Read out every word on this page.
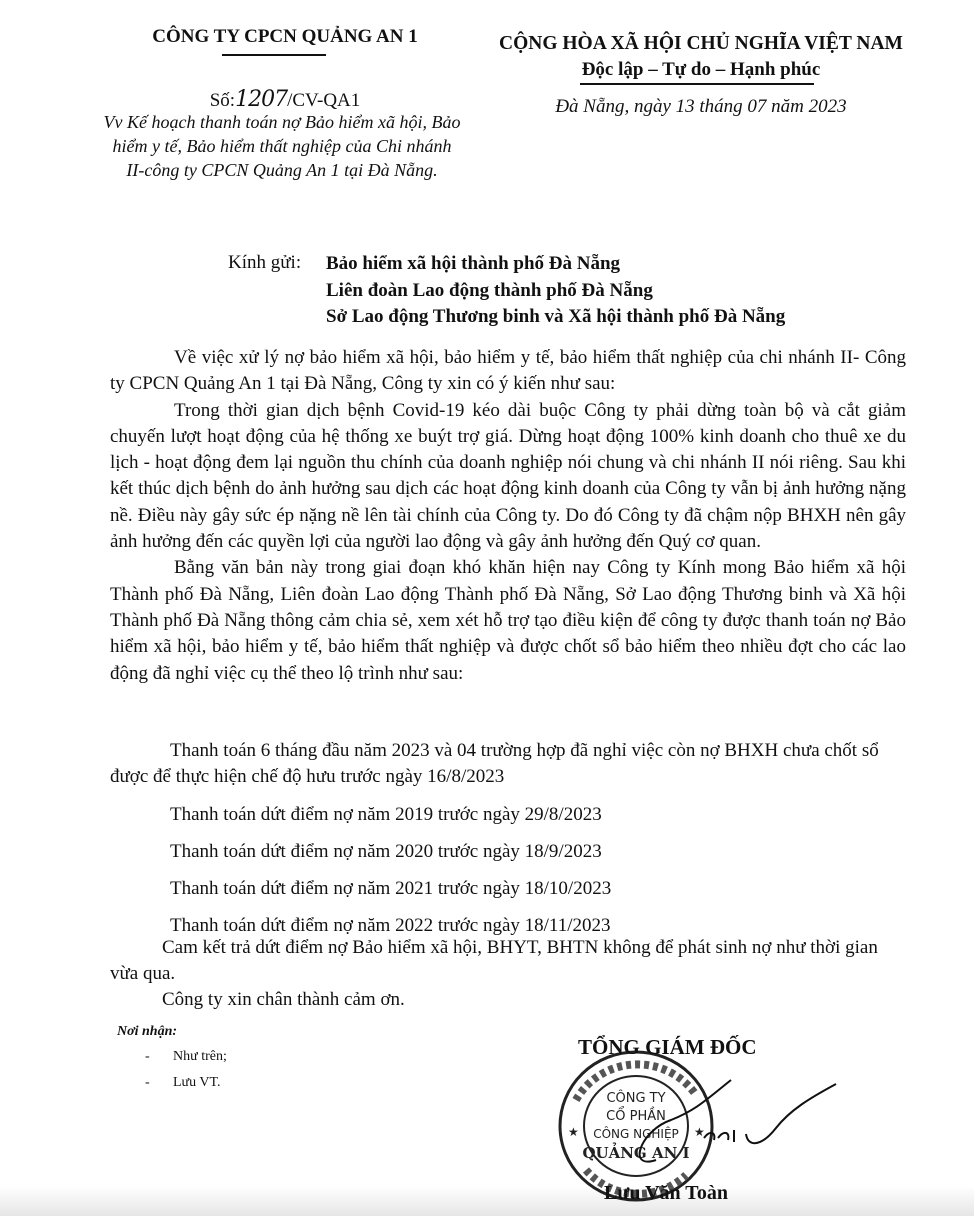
CÔNG TY CPCN QUẢNG AN 1
Số:1207/CV-QA1
Vv Kế hoạch thanh toán nợ Bảo hiểm xã hội, Bảo hiểm y tế, Bảo hiểm thất nghiệp của Chi nhánh II-công ty CPCN Quảng An 1 tại Đà Nẵng.
CỘNG HÒA XÃ HỘI CHỦ NGHĨA VIỆT NAM
Độc lập – Tự do – Hạnh phúc
Đà Nẵng, ngày 13 tháng 07 năm 2023
Kính gửi: Bảo hiểm xã hội thành phố Đà Nẵng
Liên đoàn Lao động thành phố Đà Nẵng
Sở Lao động Thương binh và Xã hội thành phố Đà Nẵng

Về việc xử lý nợ bảo hiểm xã hội, bảo hiểm y tế, bảo hiểm thất nghiệp của chi nhánh II- Công ty CPCN Quảng An 1 tại Đà Nẵng, Công ty xin có ý kiến như sau:

Trong thời gian dịch bệnh Covid-19 kéo dài buộc Công ty phải dừng toàn bộ và cắt giảm chuyến lượt hoạt động của hệ thống xe buýt trợ giá. Dừng hoạt động 100% kinh doanh cho thuê xe du lịch - hoạt động đem lại nguồn thu chính của doanh nghiệp nói chung và chi nhánh II nói riêng. Sau khi kết thúc dịch bệnh do ảnh hưởng sau dịch các hoạt động kinh doanh của Công ty vẫn bị ảnh hưởng nặng nề. Điều này gây sức ép nặng nề lên tài chính của Công ty. Do đó Công ty đã chậm nộp BHXH nên gây ảnh hưởng đến các quyền lợi của người lao động và gây ảnh hưởng đến Quý cơ quan.

Bằng văn bản này trong giai đoạn khó khăn hiện nay Công ty Kính mong Bảo hiểm xã hội Thành phố Đà Nẵng, Liên đoàn Lao động Thành phố Đà Nẵng, Sở Lao động Thương binh và Xã hội Thành phố Đà Nẵng thông cảm chia sẻ, xem xét hỗ trợ tạo điều kiện để công ty được thanh toán nợ Bảo hiểm xã hội, bảo hiểm y tế, bảo hiểm thất nghiệp và được chốt sổ bảo hiểm theo nhiều đợt cho các lao động đã nghỉ việc cụ thể theo lộ trình như sau:

Thanh toán 6 tháng đầu năm 2023 và 04 trường hợp đã nghỉ việc còn nợ BHXH chưa chốt sổ được để thực hiện chế độ hưu trước ngày 16/8/2023

Thanh toán dứt điểm nợ năm 2019 trước ngày 29/8/2023

Thanh toán dứt điểm nợ năm 2020 trước ngày 18/9/2023

Thanh toán dứt điểm nợ năm 2021 trước ngày 18/10/2023

Thanh toán dứt điểm nợ năm 2022 trước ngày 18/11/2023

Cam kết trả dứt điểm nợ Bảo hiểm xã hội, BHYT, BHTN không để phát sinh nợ như thời gian vừa qua.

Công ty xin chân thành cảm ơn.

Nơi nhận:
- Như trên;
- Lưu VT.
CÔNG TY
CỔ PHẦN
CÔNG NGHIỆP
QUẢNG AN I
★	★
TỔNG GIÁM ĐỐC
Lưu Văn Toàn
